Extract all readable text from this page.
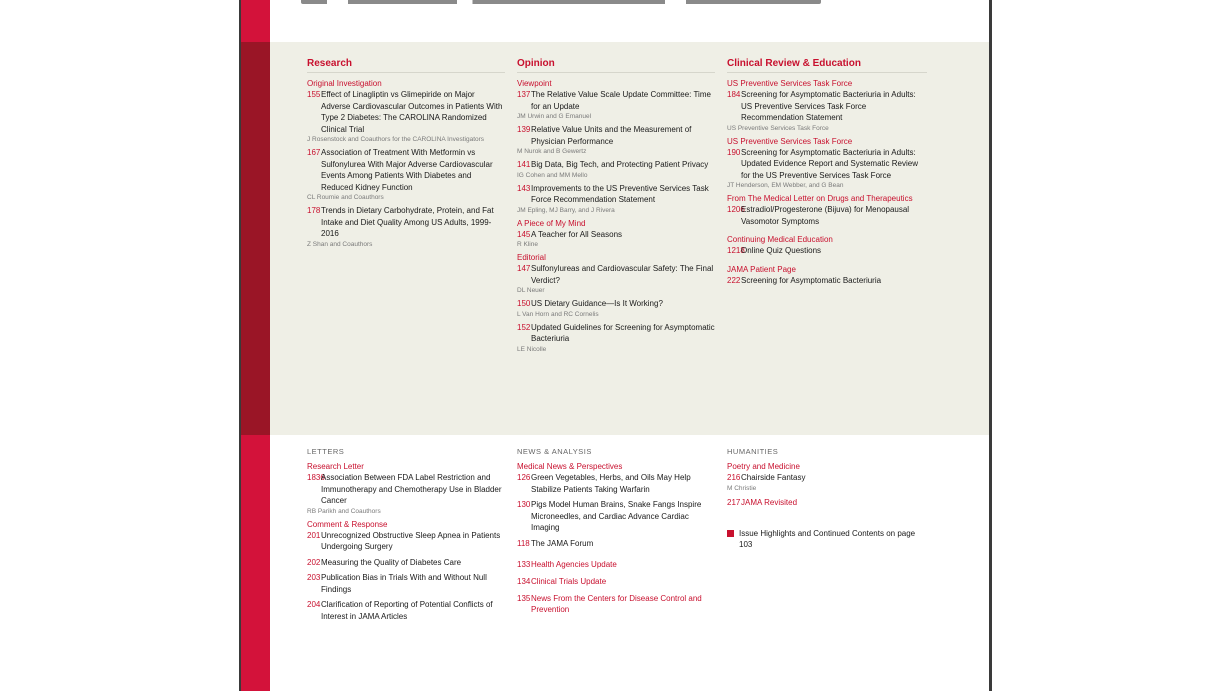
Research
Original Investigation
155 Effect of Linagliptin vs Glimepiride on Major Adverse Cardiovascular Outcomes in Patients With Type 2 Diabetes: The CAROLINA Randomized Clinical Trial
J Rosenstock and Coauthors for the CAROLINA Investigators
167 Association of Treatment With Metformin vs Sulfonylurea With Major Adverse Cardiovascular Events Among Patients With Diabetes and Reduced Kidney Function
CL Roumie and Coauthors
178 Trends in Dietary Carbohydrate, Protein, and Fat Intake and Diet Quality Among US Adults, 1999-2016
Z Shan and Coauthors
Opinion
Viewpoint
137 The Relative Value Scale Update Committee: Time for an Update
JM Urwin and G Emanuel
139 Relative Value Units and the Measurement of Physician Performance
M Nurok and B Gewertz
141 Big Data, Big Tech, and Protecting Patient Privacy
IG Cohen and MM Mello
143 Improvements to the US Preventive Services Task Force Recommendation Statement
JM Epling, MJ Barry, and J Rivera
A Piece of My Mind
145 A Teacher for All Seasons
R Kline
Editorial
147 Sulfonylureas and Cardiovascular Safety: The Final Verdict?
DL Neuer
150 US Dietary Guidance—Is It Working?
L Van Horn and RC Cornelis
152 Updated Guidelines for Screening for Asymptomatic Bacteriuria
LE Nicolle
Clinical Review & Education
US Preventive Services Task Force
184 Screening for Asymptomatic Bacteriuria in Adults: US Preventive Services Task Force Recommendation Statement
US Preventive Services Task Force
US Preventive Services Task Force
190 Screening for Asymptomatic Bacteriuria in Adults: Updated Evidence Report and Systematic Review for the US Preventive Services Task Force
JT Henderson, EM Webber, and G Bean
From The Medical Letter on Drugs and Therapeutics
1206
Estradiol/Progesterone (Bijuva) for Menopausal Vasomotor Symptoms
Continuing Medical Education
1218
Online Quiz Questions
JAMA Patient Page
222 Screening for Asymptomatic Bacteriuria
LETTERS
Research Letter
1836
Association Between FDA Label Restriction and Immunotherapy and Chemotherapy Use in Bladder Cancer
RB Parikh and Coauthors
Comment & Response
201 Unrecognized Obstructive Sleep Apnea in Patients Undergoing Surgery
202 Measuring the Quality of Diabetes Care
203 Publication Bias in Trials With and Without Null Findings
204 Clarification of Reporting of Potential Conflicts of Interest in JAMA Articles
NEWS & ANALYSIS
Medical News & Perspectives
126 Green Vegetables, Herbs, and Oils May Help Stabilize Patients Taking Warfarin
130 Pigs Model Human Brains, Snake Fangs Inspire Microneedles, and Cardiac Advance Cardiac Imaging
118 The JAMA Forum
133 Health Agencies Update
134 Clinical Trials Update
135 News From the Centers for Disease Control and Prevention
HUMANITIES
Poetry and Medicine
216 Chairside Fantasy
M Christie
217 JAMA Revisited
Issue Highlights and Continued Contents on page 103
